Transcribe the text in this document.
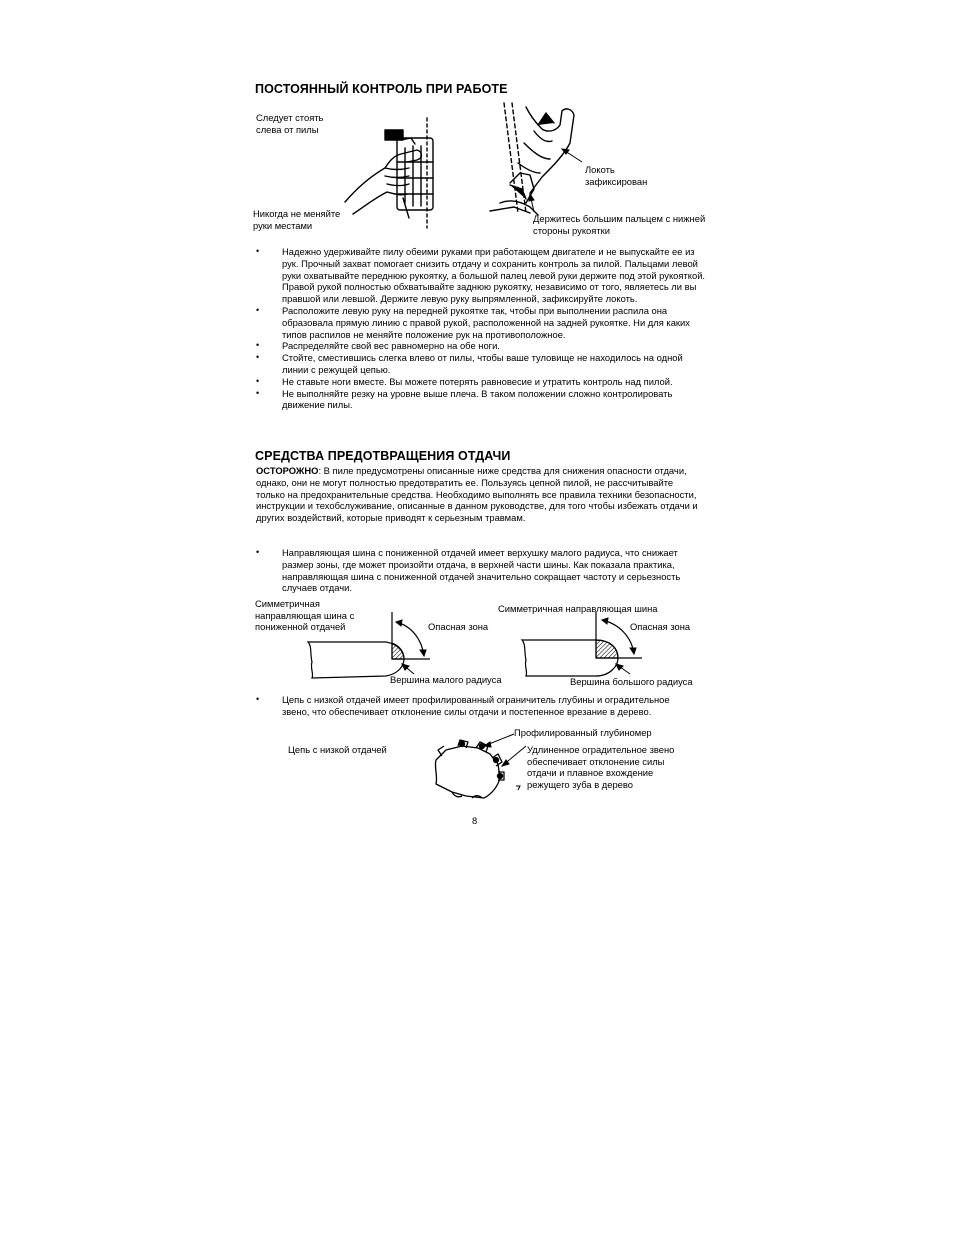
ПОСТОЯННЫЙ КОНТРОЛЬ ПРИ РАБОТЕ
Следует стоять
слева от пилы
Никогда не меняйте
руки местами
Локоть
зафиксирован
Держитесь большим пальцем с нижней
стороны рукоятки
• Надежно удерживайте пилу обеими руками при работающем двигателе и не выпускайте ее из рук. Прочный захват помогает снизить отдачу и сохранить контроль за пилой. Пальцами левой руки охватывайте переднюю рукоятку, а большой палец левой руки держите под этой рукояткой. Правой рукой полностью обхватывайте заднюю рукоятку, независимо от того, являетесь ли вы правшой или левшой. Держите левую руку выпрямленной, зафиксируйте локоть.
• Расположите левую руку на передней рукоятке так, чтобы при выполнении распила она образовала прямую линию с правой рукой, расположенной на задней рукоятке. Ни для каких типов распилов не меняйте положение рук на противоположное.
• Распределяйте свой вес равномерно на обе ноги.
• Стойте, сместившись слегка влево от пилы, чтобы ваше туловище не находилось на одной линии с режущей цепью.
• Не ставьте ноги вместе. Вы можете потерять равновесие и утратить контроль над пилой.
• Не выполняйте резку на уровне выше плеча. В таком положении сложно контролировать движение пилы.
СРЕДСТВА ПРЕДОТВРАЩЕНИЯ ОТДАЧИ
ОСТОРОЖНО: В пиле предусмотрены описанные ниже средства для снижения опасности отдачи, однако, они не могут полностью предотвратить ее. Пользуясь цепной пилой, не рассчитывайте только на предохранительные средства. Необходимо выполнять все правила техники безопасности, инструкции и техобслуживание, описанные в данном руководстве, для того чтобы избежать отдачи и других воздействий, которые приводят к серьезным травмам.
• Направляющая шина с пониженной отдачей имеет верхушку малого радиуса, что снижает размер зоны, где может произойти отдача, в верхней части шины. Как показала практика, направляющая шина с пониженной отдачей значительно сокращает частоту и серьезность случаев отдачи.
Симметричная
направляющая шина с
пониженной отдачей	Опасная зона
Вершина малого радиуса
Симметричная направляющая шина
Опасная зона
Вершина большого радиуса
• Цепь с низкой отдачей имеет профилированный ограничитель глубины и оградительное звено, что обеспечивает отклонение силы отдачи и постепенное врезание в дерево.
Профилированный глубиномер
Цепь с низкой отдачей	Удлиненное оградительное звено
обеспечивает отклонение силы
отдачи и плавное вхождение
режущего зуба в дерево
8
